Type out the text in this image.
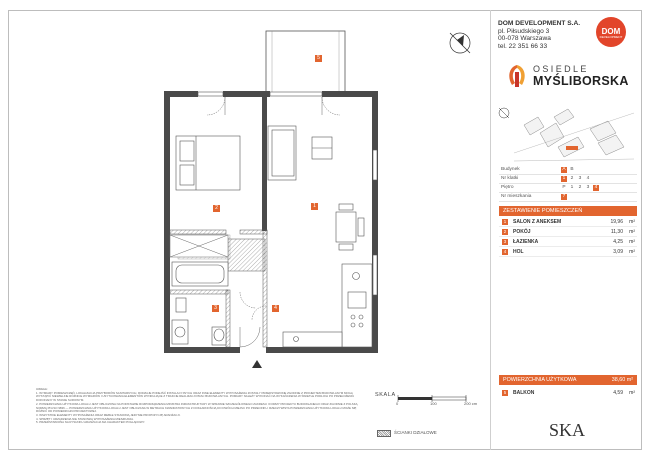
5
1
2
3	4
DOM DEVELOPMENT S.A.
pl. Piłsudskiego 3
00-078 Warszawa
tel. 22 351 66 33
DOM
DEVELOPMENT
OSIEDLE
MYŚLIBORSKA
Budynek	A B
Nr klatki	1	2	3	4
Piętro	P	1	2	3	4
Nr mieszkania	7
ZESTAWIENIE POMIESZCZEŃ
1	SALON Z ANEKSEM	19,96 m²
2	POKÓJ	11,30 m²
3	ŁAZIENKA	4,25 m²
4	HOL	3,09 m²
POWIERZCHNIA UŻYTKOWA	38,60 m²
5	BALKON	4,59 m²

UWAGA:

1. WYMIARY POMIESZCZEŃ, LOKALIZACJA PRZYBORÓW SANITARNYCH, RODZAJE PODEJŚĆ INSTALACYJNYCH ORAZ INNE ELEMENTY WYPOSAŻENIA ZOSTAŁY PRZEDSTAWIONE ZGODNIE Z PROJEKTEM BUDOWLANYM MOGĄ WYSTĄPIĆ NIEWIELKIE RÓŻNICE WYMIARÓW I USYTUOWANIA ELEMENTÓW WYNIKAJĄCE Z TRAKCIE REALIZACJI PRAC BUDOWLANYCH. POMIARY NALEŻY WYKONAĆ NA WYKAŃCZENIA W ŚWIETLE PODŁOGI PO PRZEŁOŻENIU DOKONANY W STANIE SUROWYM.

2. POWIERZCHNIA UŻYTKOWA LOKALU JEST OBLICZONA NA PODSTAWIE ROZPORZĄDZENIA MINISTRA INFRASTRUKTURY W SPRAWIE SZCZEGÓŁOWEGO ZAKRESU I FORMY PROJEKTU BUDOWLANEGO ORAZ ZGODNIE Z POLSKĄ NORMĄ PN-ISO 9836 — POWIERZCHNIA UŻYTKOWA LOKALU JEST OBLICZANA W METRACH KWADRATOWYCH Z DOKŁADNOŚCIĄ DO DWÓCH MIEJSC PO PRZECINKU. RZECZYWISTA POWIERZCHNIA UŻYTKOWA LOKALU MOŻE SIĘ RÓŻNIĆ OD POWIERZCHNI PROJEKTOWEJ.

3. WSZYSTKIE ELEMENTY WYPOSAŻENIA ORAZ MEBLE STANOWIĄ JEDYNIE PROPOZYCJĘ ARANŻACJI.

4. SPRZĘT I URZĄDZENIA NIE STANOWIĄ WYPOSAŻENIA MIESZKANIA.

5. PRZEDSTAWIONA NA RYSUNKU ARANŻACJA MA CHARAKTER POGLĄDOWY.

SKALA
0	100	200 cm
ŚCIANKI DZIAŁOWE	SKA
